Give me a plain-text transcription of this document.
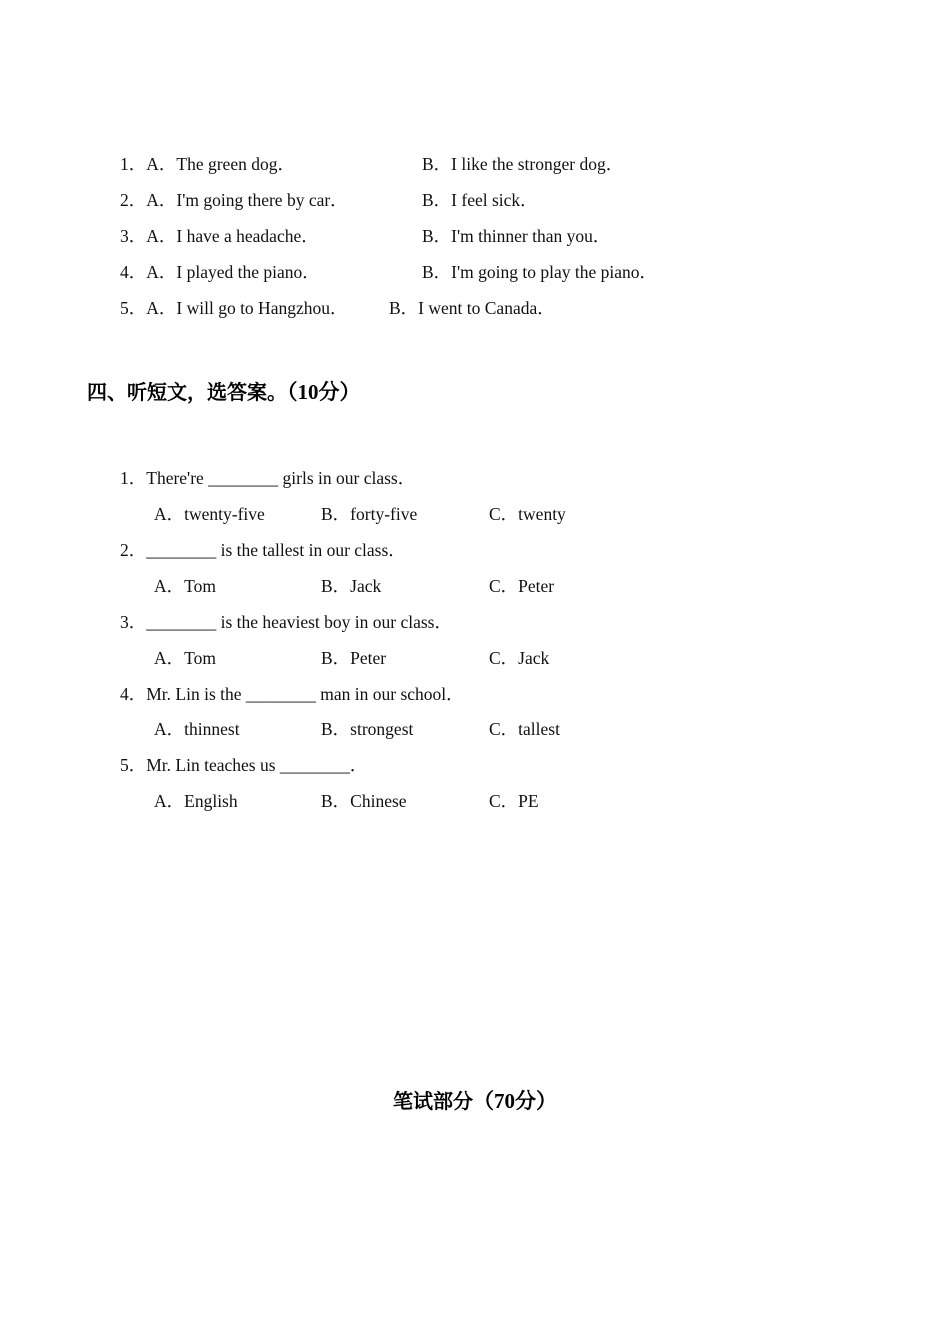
1．A．The green dog．	B．I like the stronger dog．
2．A．I'm going there by car．	B．I feel sick．
3．A．I have a headache．	B．I'm thinner than you．
4．A．I played the piano．	B．I'm going to play the piano．
5．A．I will go to Hangzhou． B．I went to Canada．
四、听短文，选答案。（10分）
1．There're ________ girls in our class．
A．twenty-five	B．forty-five	C．twenty
2．________ is the tallest in our class．
A．Tom	B．Jack	C．Peter
3．________ is the heaviest boy in our class．
A．Tom	B．Peter	C．Jack
4．Mr. Lin is the ________ man in our school．
A．thinnest	B．strongest	C．tallest
5．Mr. Lin teaches us ________．
A．English	B．Chinese	C．PE
笔试部分（70分）
